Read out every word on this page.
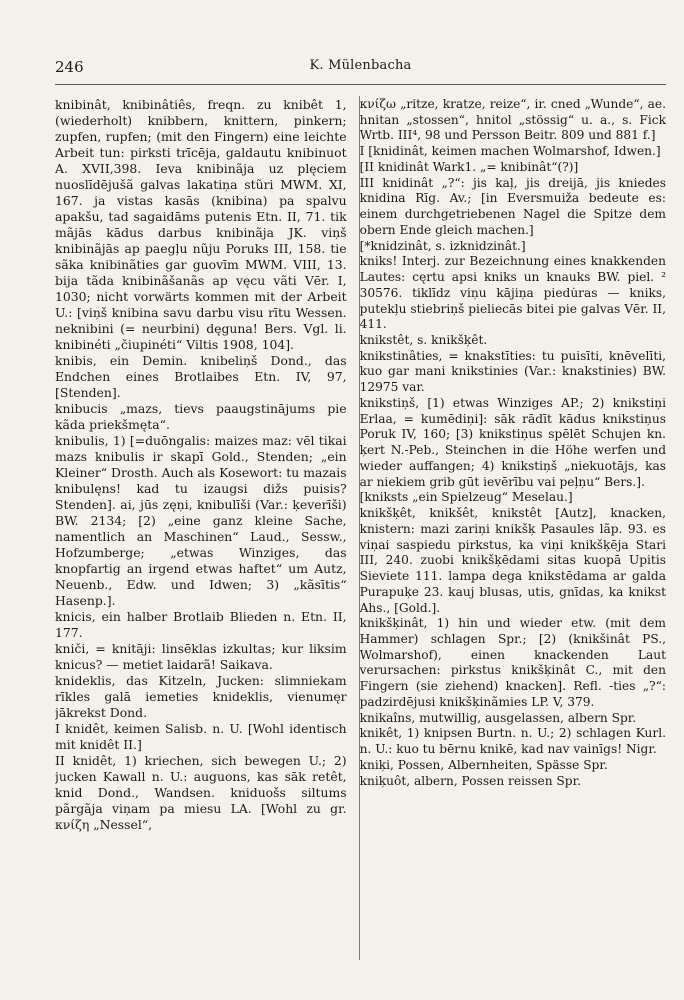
246	K. Mülenbacha

knibinât, knibinâtiês, freqn. zu knibêt 1, (wiederholt) knibbern, knittern, pinkern; zupfen, rupfen; (mit den Fingern) eine leichte Arbeit tun: pirksti trīcēja, galdautu knibinuot A. XVII,398. Ieva knibinãja uz plęciem nuoslīdējušã galvas lakatiņa stũri MWM. XI, 167. ja vistas kasās (knibina) pa spalvu apakšu, tad sagaidāms putenis Etn. II, 71. tik mãjās kādus darbus knibinãja JK. viņš knibinãjās ap paegļu nũju Poruks III, 158. tie sãka knibinãties gar guovīm MWM. VIII, 13. bija tãda knibinãšanãs ap vęcu vãti Vēr. I, 1030; nicht vorwärts kommen mit der Arbeit U.: [viņš knibina savu darbu visu rītu Wessen. neknibini (= neurbini) dęguna! Bers. Vgl. li. knibinéti „čiupinéti“ Viltis 1908, 104].

knibis, ein Demin. knibeliņš Dond., das Endchen eines Brotlaibes Etn. IV, 97, [Stenden].

knibucis „mazs, tievs paaugstinājums pie kãda priekšmęta“.

knibulis, 1) [=duōngalis: maizes maz: vēl tikai mazs knibulis ir skapī Gold., Stenden; „ein Kleiner“ Drosth. Auch als Kosewort: tu mazais knibulęns! kad tu izaugsi dižs puisis? Stenden]. ai, jūs zęņi, knibulīši (Var.: ķeverīši) BW. 2134; [2) „eine ganz kleine Sache, namentlich an Maschinen“ Laud., Sessw., Hofzumberge; „etwas Winziges, das knopfartig an irgend etwas haftet“ um Autz, Neuenb., Edw. und Idwen; 3) „kãsītis“ Hasenp.].

knicis, ein halber Brotlaib Blieden n. Etn. II, 177.

kniči, = knitāji: linsēklas izkultas; kur liksim knicus? — metiet laidarã! Saikava.

knideklis, das Kitzeln, Jucken: slimniekam rīkles galā iemeties knideklis, vienumęr jākrekst Dond.

I knidêt, keimen Salisb. n. U. [Wohl identisch mit knidêt II.]

II knidêt, 1) kriechen, sich bewegen U.; 2) jucken Kawall n. U.: auguons, kas sāk retêt, knid Dond., Wandsen. kniduošs siltums pãrgãja viņam pa miesu LA. [Wohl zu gr. κνίζη „Nessel“,

κνίζω „ritze, kratze, reize“, ir. cned „Wunde“, ae. hnitan „stossen“, hnitol „stössig“ u. a., s. Fick Wrtb. III⁴, 98 und Persson Beitr. 809 und 881 f.]

I [knidinât, keimen machen Wolmarshof, Idwen.]

[II knidinât Wark1. „= knibinât“(?)]

III knidinât „?“: jis kaļ, jis dreijā, jis kniedes knidina Rīg. Av.; [in Eversmuiža bedeute es: einem durchgetriebenen Nagel die Spitze dem obern Ende gleich machen.]

[*knidzinât, s. izknidzinât.]

kniks! Interj. zur Bezeichnung eines knakkenden Lautes: cęrtu apsi kniks un knauks BW. piel. ² 30576. tiklīdz viņu kājiņa piedu̇ras — kniks, putekļu stiebriņš pieliecās bitei pie galvas Vēr. II, 411.

knikstêt, s. knikšķêt.

knikstinâties, = knakstīties: tu puisīti, knēvelīti, kuo gar mani knikstinies (Var.: knakstinies) BW. 12975 var.

knikstiņš, [1) etwas Winziges AP.; 2) knikstiņi Erlaa, = kumēdiņi]: sāk rādīt kādus knikstiņus Poruk IV, 160; [3) knikstiņus spēlēt Schujen kn. ķert N.-Peb., Steinchen in die Höhe werfen und wieder auffangen; 4) knikstiņš „niekuotājs, kas ar niekiem grib gūt ievērību vai peļņu“ Bers.].

[kniksts „ein Spielzeug“ Meselau.]

knikšķêt, knikšêt, knikstêt [Autz], knacken, knistern: mazi zariņi knikšķ Pasaules lãp. 93. es viņai saspiedu pirkstus, ka viņi knikšķēja Stari III, 240. zuobi knikšķēdami sitas kuopā Upitis Sieviete 111. lampa dega knikstēdama ar galda Purapuķe 23. kauj blusas, utis, gnīdas, ka knikst Ahs., [Gold.].

knikšķinât, 1) hin und wieder etw. (mit dem Hammer) schlagen Spr.; [2) (knikšinât PS., Wolmarshof), einen knackenden Laut verursachen: pirkstus knikšķinât C., mit den Fingern (sie ziehend) knacken]. Refl. -ties „?“: padzirdējusi knikšķinãmies LP. V, 379.

knikaîns, mutwillig, ausgelassen, albern Spr.

knikêt, 1) knipsen Burtn. n. U.; 2) schlagen Kurl. n. U.: kuo tu bērnu knikē, kad nav vainīgs! Nigr.

kniķi, Possen, Albernheiten, Spässe Spr.

kniķuôt, albern, Possen reissen Spr.
